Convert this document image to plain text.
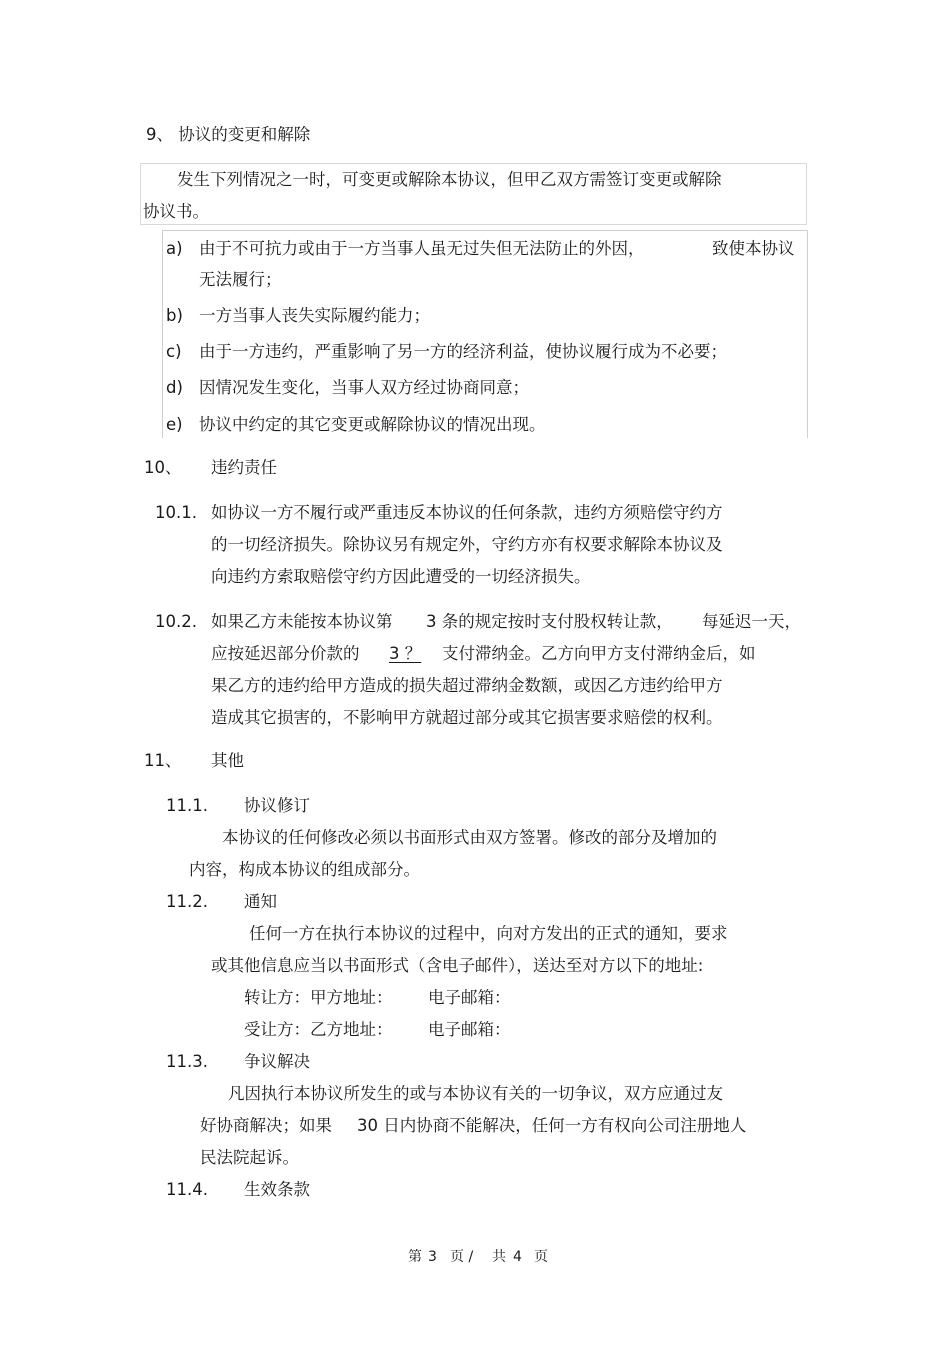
9、 协议的变更和解除
发生下列情况之一时，可变更或解除本协议，但甲乙双方需签订变更或解除
协议书。
a) 由于不可抗力或由于一方当事人虽无过失但无法防止的外因，	致使本协议
无法履行；
b) 一方当事人丧失实际履约能力；
c) 由于一方违约，严重影响了另一方的经济利益，使协议履行成为不必要；
d) 因情况发生变化，当事人双方经过协商同意；
e) 协议中约定的其它变更或解除协议的情况出现。
10、 违约责任
10.1. 如协议一方不履行或严重违反本协议的任何条款，违约方须赔偿守约方
的一切经济损失。除协议另有规定外，守约方亦有权要求解除本协议及
向违约方索取赔偿守约方因此遭受的一切经济损失。
10.2. 如果乙方未能按本协议第 3 条的规定按时支付股权转让款， 每延迟一天，
应按延迟部分价款的	3 ？	支付滞纳金。乙方向甲方支付滞纳金后，如
果乙方的违约给甲方造成的损失超过滞纳金数额，或因乙方违约给甲方
造成其它损害的，不影响甲方就超过部分或其它损害要求赔偿的权利。
11、 其他
11.1. 协议修订
本协议的任何修改必须以书面形式由双方签署。修改的部分及增加的
内容，构成本协议的组成部分。
11.2. 通知
任何一方在执行本协议的过程中，向对方发出的正式的通知，要求
或其他信息应当以书面形式（含电子邮件），送达至对方以下的地址:
转让方：甲方地址： 电子邮箱：
受让方：乙方地址： 电子邮箱：
11.3. 争议解决
凡因执行本协议所发生的或与本协议有关的一切争议，双方应通过友
好协商解决；如果 30 日内协商不能解决，任何一方有权向公司注册地人
民法院起诉。
11.4. 生效条款
第 3 页 / 共 4 页
